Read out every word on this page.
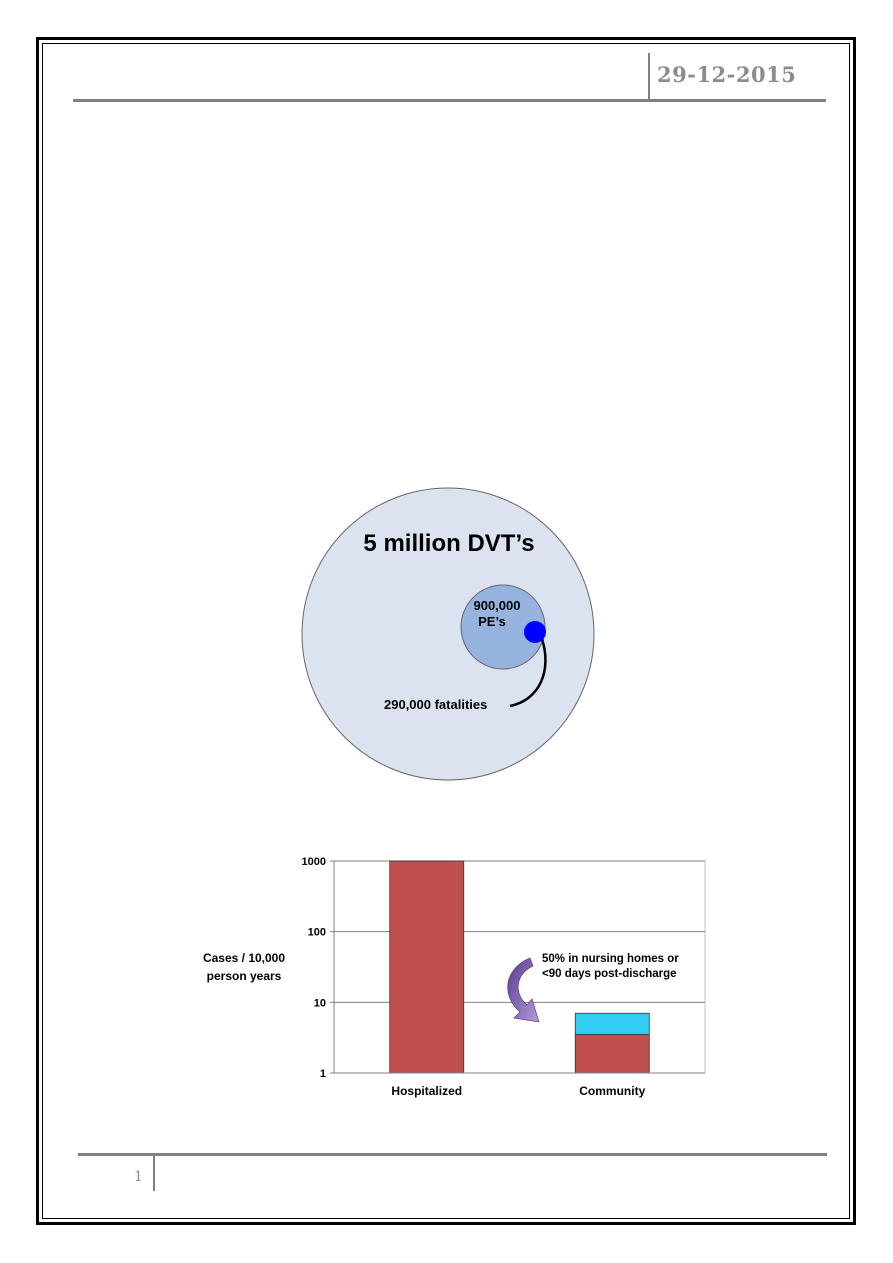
29-12-2015
5 million DVT’s
900,000
PE’s
290,000 fatalities
1000
100
10
1
Hospitalized	Community
Cases / 10,000
person years
50% in nursing homes or
<90 days post-discharge
1
